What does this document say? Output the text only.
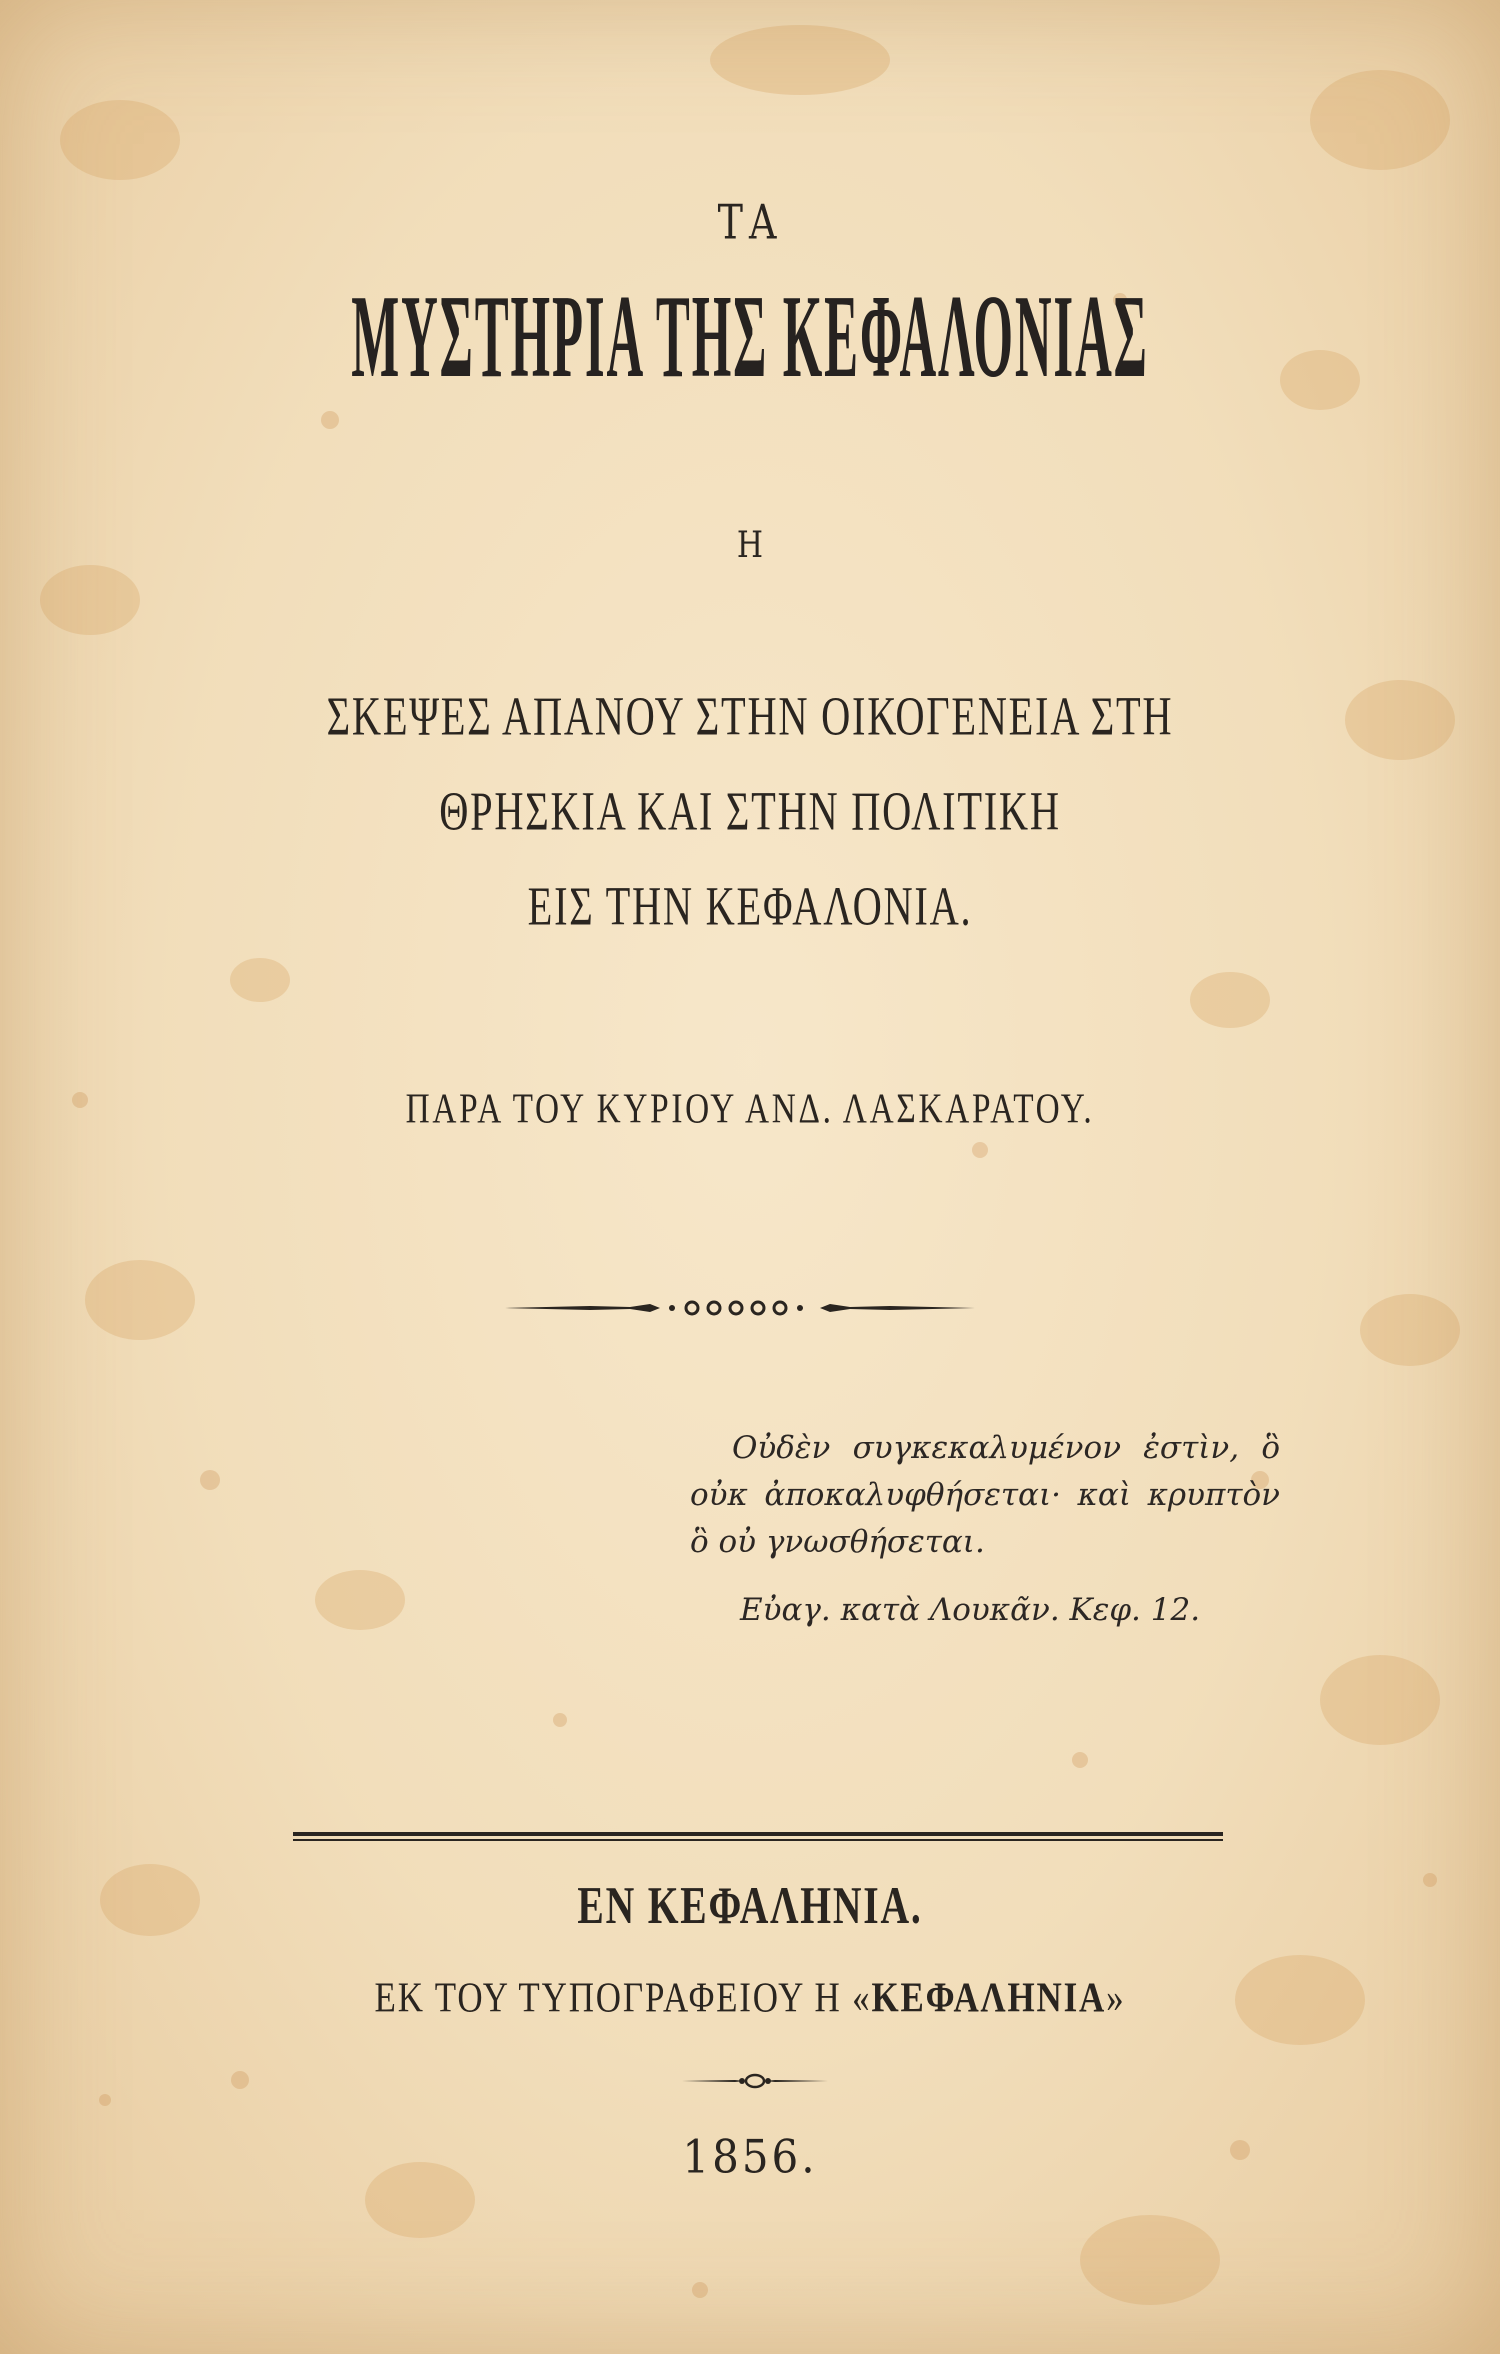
ΤΑ

ΜΥΣΤΗΡΙΑ ΤΗΣ ΚΕΦΑΛΟΝΙΑΣ

Η

ΣΚΕΨΕΣ ΑΠΑΝΟΥ ΣΤΗΝ ΟΙΚΟΓΕΝΕΙΑ ΣΤΗ

ΘΡΗΣΚΙΑ ΚΑΙ ΣΤΗΝ ΠΟΛΙΤΙΚΗ

ΕΙΣ ΤΗΝ ΚΕΦΑΛΟΝΙΑ.

ΠΑΡΑ ΤΟΥ ΚΥΡΙΟΥ ΑΝΔ. ΛΑΣΚΑΡΑΤΟΥ.

Οὐδὲν συγκεκαλυμένον ἐστὶν, ὃ οὐκ ἀποκαλυφθήσεται· καὶ κρυπτὸν ὃ οὐ γνωσθήσεται.

Εὐαγ. κατὰ Λουκᾶν. Κεφ. 12.

ΕΝ ΚΕΦΑΛΗΝΙΑ.

ΕΚ ΤΟΥ ΤΥΠΟΓΡΑΦΕΙΟΥ Η «ΚΕΦΑΛΗΝΙΑ»

1856.
